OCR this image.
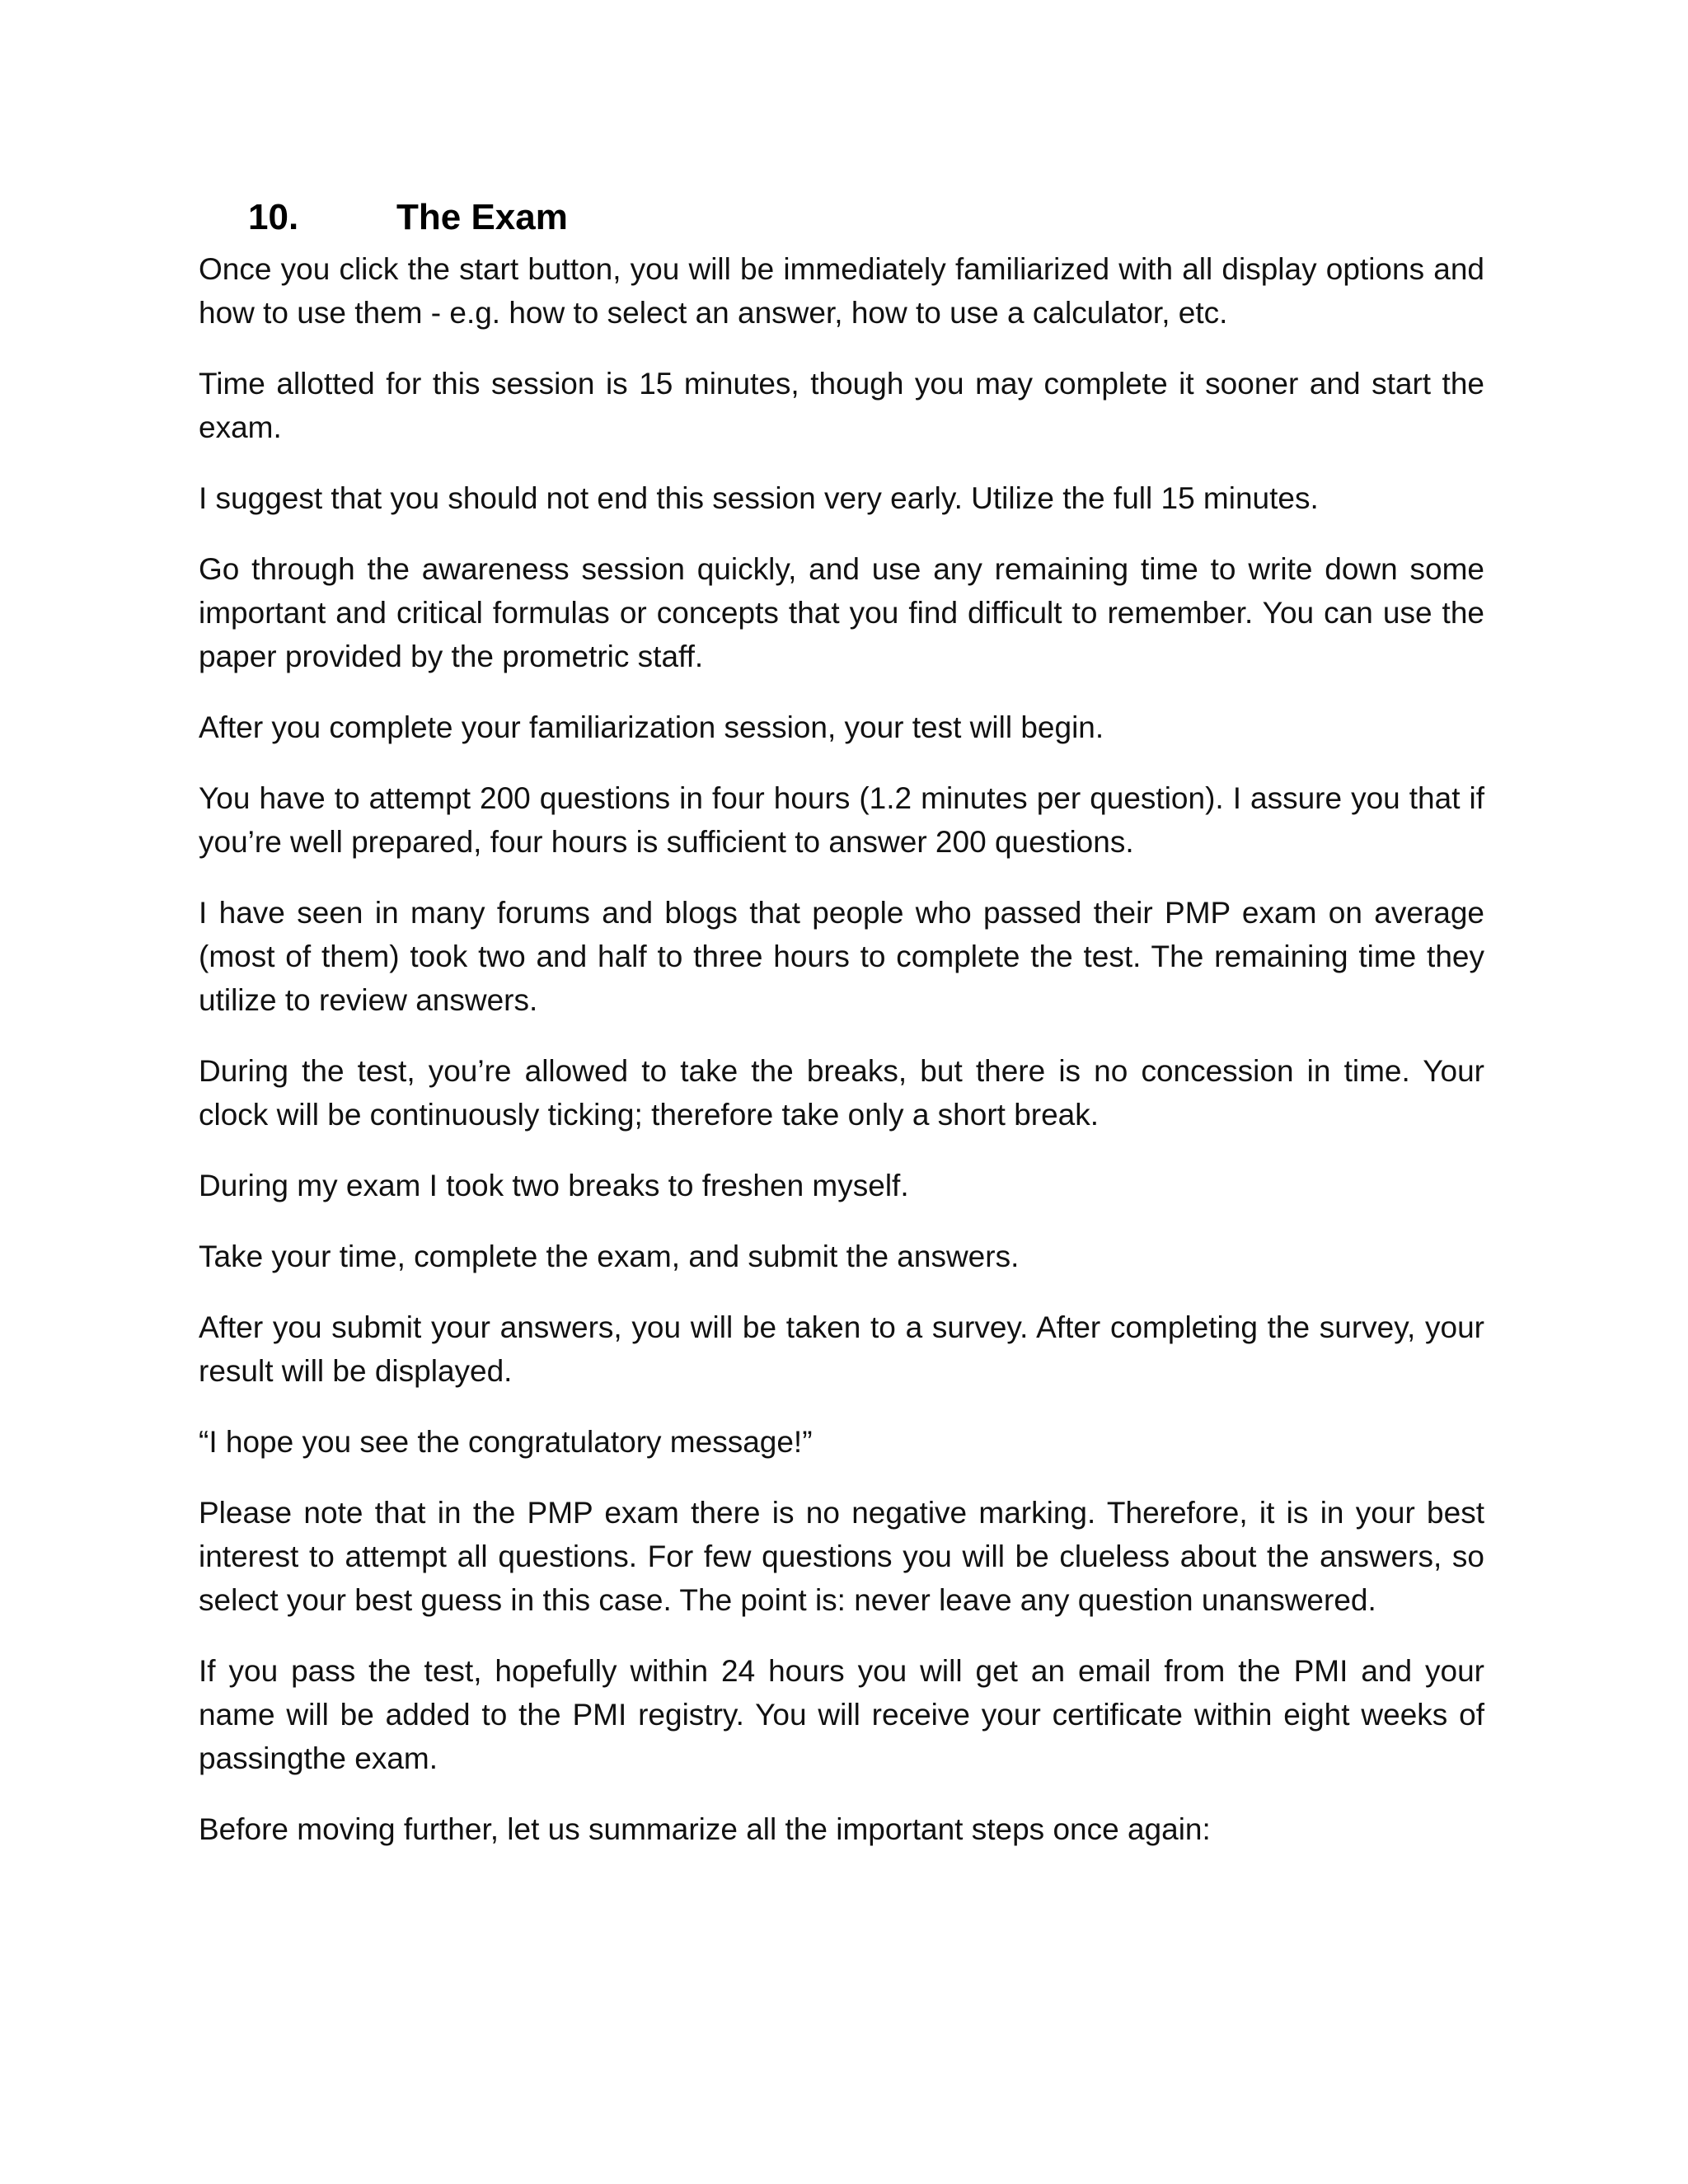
10.	The Exam

Once you click the start button, you will be immediately familiarized with all display options and how to use them - e.g. how to select an answer, how to use a calculator, etc.

Time allotted for this session is 15 minutes, though you may complete it sooner and start the exam.

I suggest that you should not end this session very early. Utilize the full 15 minutes.

Go through the awareness session quickly, and use any remaining time to write down some important and critical formulas or concepts that you find difficult to remember. You can use the paper provided by the prometric staff.

After you complete your familiarization session, your test will begin.

You have to attempt 200 questions in four hours (1.2 minutes per question). I assure you that if you’re well prepared, four hours is sufficient to answer 200 questions.

I have seen in many forums and blogs that people who passed their PMP exam on average (most of them) took two and half to three hours to complete the test. The remaining time they utilize to review answers.

During the test, you’re allowed to take the breaks, but there is no concession in time. Your clock will be continuously ticking; therefore take only a short break.

During my exam I took two breaks to freshen myself.

Take your time, complete the exam, and submit the answers.

After you submit your answers, you will be taken to a survey. After completing the survey, your result will be displayed.

“I hope you see the congratulatory message!”

Please note that in the PMP exam there is no negative marking. Therefore, it is in your best interest to attempt all questions. For few questions you will be clueless about the answers, so select your best guess in this case. The point is: never leave any question unanswered.

If you pass the test, hopefully within 24 hours you will get an email from the PMI and your name will be added to the PMI registry. You will receive your certificate within eight weeks of passingthe exam.

Before moving further, let us summarize all the important steps once again:
